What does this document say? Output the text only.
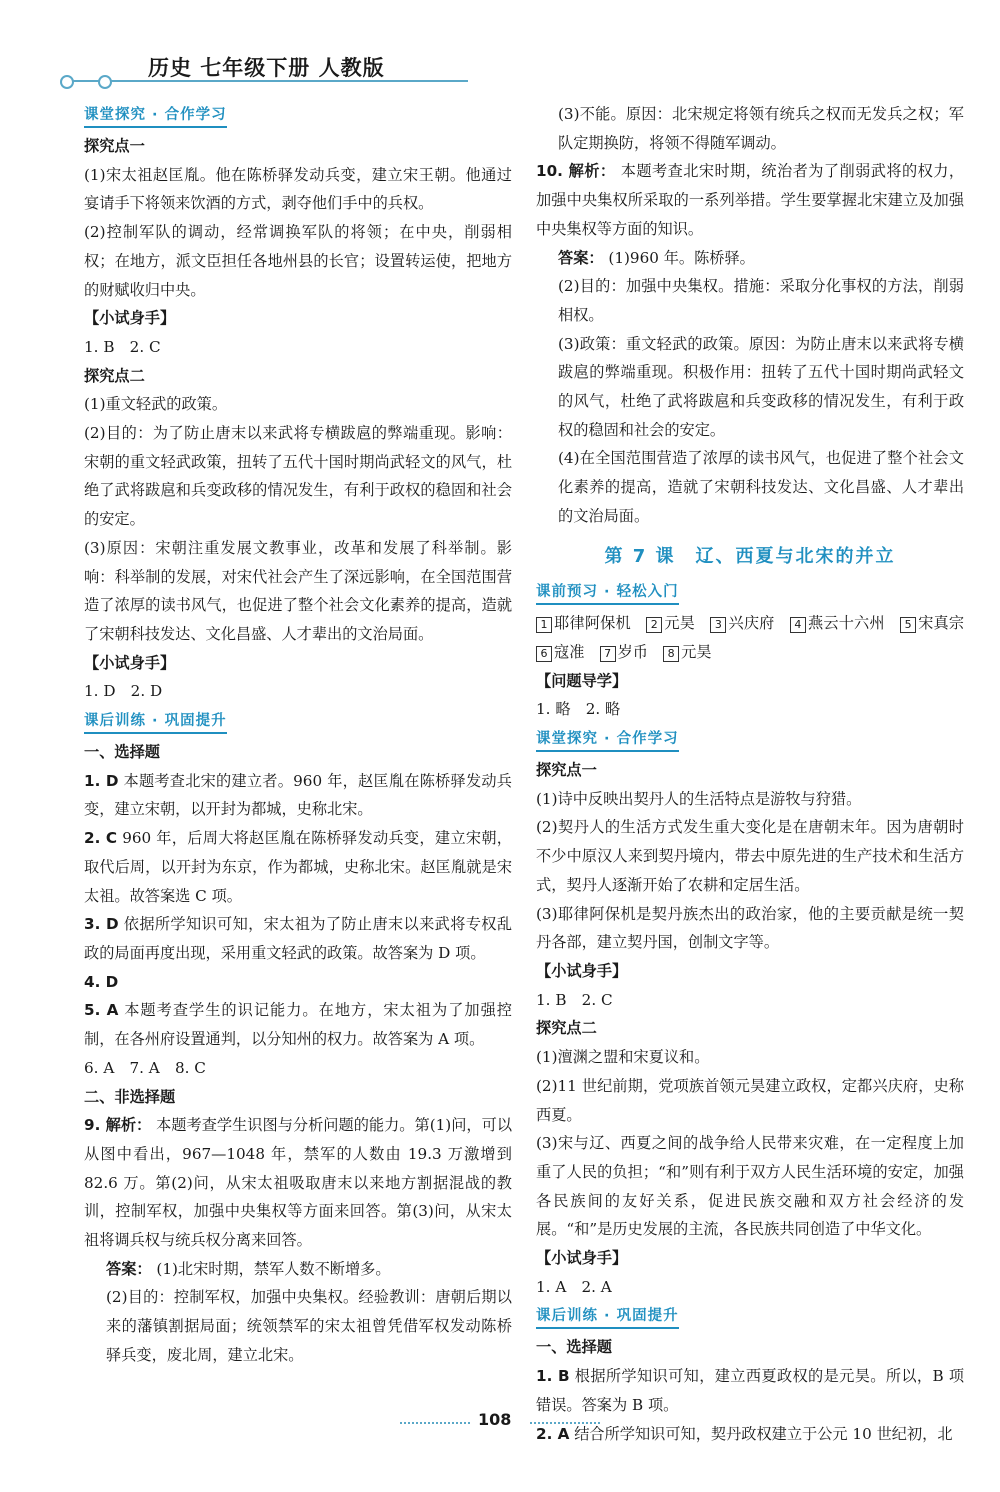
历史 七年级下册 人教版
课堂探究 · 合作学习
探究点一
(1)宋太祖赵匡胤。他在陈桥驿发动兵变，建立宋王朝。他通过宴请手下将领来饮酒的方式，剥夺他们手中的兵权。
(2)控制军队的调动，经常调换军队的将领；在中央，削弱相权；在地方，派文臣担任各地州县的长官；设置转运使，把地方的财赋收归中央。
【小试身手】
1. B　2. C
探究点二
(1)重文轻武的政策。
(2)目的：为了防止唐末以来武将专横跋扈的弊端重现。影响：宋朝的重文轻武政策，扭转了五代十国时期尚武轻文的风气，杜绝了武将跋扈和兵变政移的情况发生，有利于政权的稳固和社会的安定。
(3)原因：宋朝注重发展文教事业，改革和发展了科举制。影响：科举制的发展，对宋代社会产生了深远影响，在全国范围营造了浓厚的读书风气，也促进了整个社会文化素养的提高，造就了宋朝科技发达、文化昌盛、人才辈出的文治局面。
【小试身手】
1. D　2. D
课后训练 · 巩固提升
一、选择题
1. D 本题考查北宋的建立者。960 年，赵匡胤在陈桥驿发动兵变，建立宋朝，以开封为都城，史称北宋。
2. C 960 年，后周大将赵匡胤在陈桥驿发动兵变，建立宋朝，取代后周，以开封为东京，作为都城，史称北宋。赵匡胤就是宋太祖。故答案选 C 项。
3. D 依据所学知识可知，宋太祖为了防止唐末以来武将专权乱政的局面再度出现，采用重文轻武的政策。故答案为 D 项。
4. D
5. A 本题考查学生的识记能力。在地方，宋太祖为了加强控制，在各州府设置通判，以分知州的权力。故答案为 A 项。
6. A　7. A　8. C
二、非选择题
9. 解析： 本题考查学生识图与分析问题的能力。第(1)问，可以从图中看出，967—1048 年，禁军的人数由 19.3 万激增到 82.6 万。第(2)问，从宋太祖吸取唐末以来地方割据混战的教训，控制军权，加强中央集权等方面来回答。第(3)问，从宋太祖将调兵权与统兵权分离来回答。
答案： (1)北宋时期，禁军人数不断增多。
(2)目的：控制军权，加强中央集权。经验教训：唐朝后期以来的藩镇割据局面；统领禁军的宋太祖曾凭借军权发动陈桥驿兵变，废北周，建立北宋。
(3)不能。原因：北宋规定将领有统兵之权而无发兵之权；军队定期换防，将领不得随军调动。
10. 解析： 本题考查北宋时期，统治者为了削弱武将的权力，加强中央集权所采取的一系列举措。学生要掌握北宋建立及加强中央集权等方面的知识。
答案： (1)960 年。陈桥驿。
(2)目的：加强中央集权。措施：采取分化事权的方法，削弱相权。
(3)政策：重文轻武的政策。原因：为防止唐末以来武将专横跋扈的弊端重现。积极作用：扭转了五代十国时期尚武轻文的风气，杜绝了武将跋扈和兵变政移的情况发生，有利于政权的稳固和社会的安定。
(4)在全国范围营造了浓厚的读书风气，也促进了整个社会文化素养的提高，造就了宋朝科技发达、文化昌盛、人才辈出的文治局面。
第 7 课　辽、西夏与北宋的并立
课前预习 · 轻松入门
1 耶律阿保机　 2 元昊　 3 兴庆府　 4 燕云十六州　 5 宋真宗　6 寇准　 7 岁币　 8 元昊　
【问题导学】
1. 略　2. 略
课堂探究 · 合作学习
探究点一
(1)诗中反映出契丹人的生活特点是游牧与狩猎。
(2)契丹人的生活方式发生重大变化是在唐朝末年。因为唐朝时不少中原汉人来到契丹境内，带去中原先进的生产技术和生活方式，契丹人逐渐开始了农耕和定居生活。
(3)耶律阿保机是契丹族杰出的政治家，他的主要贡献是统一契丹各部，建立契丹国，创制文字等。
【小试身手】
1. B　2. C
探究点二
(1)澶渊之盟和宋夏议和。
(2)11 世纪前期，党项族首领元昊建立政权，定都兴庆府，史称西夏。
(3)宋与辽、西夏之间的战争给人民带来灾难，在一定程度上加重了人民的负担；“和”则有利于双方人民生活环境的安定，加强各民族间的友好关系，促进民族交融和双方社会经济的发展。“和”是历史发展的主流，各民族共同创造了中华文化。
【小试身手】
1. A　2. A
课后训练 · 巩固提升
一、选择题
1. B 根据所学知识可知，建立西夏政权的是元昊。所以，B 项错误。答案为 B 项。
2. A 结合所学知识可知，契丹政权建立于公元 10 世纪初，北
108
